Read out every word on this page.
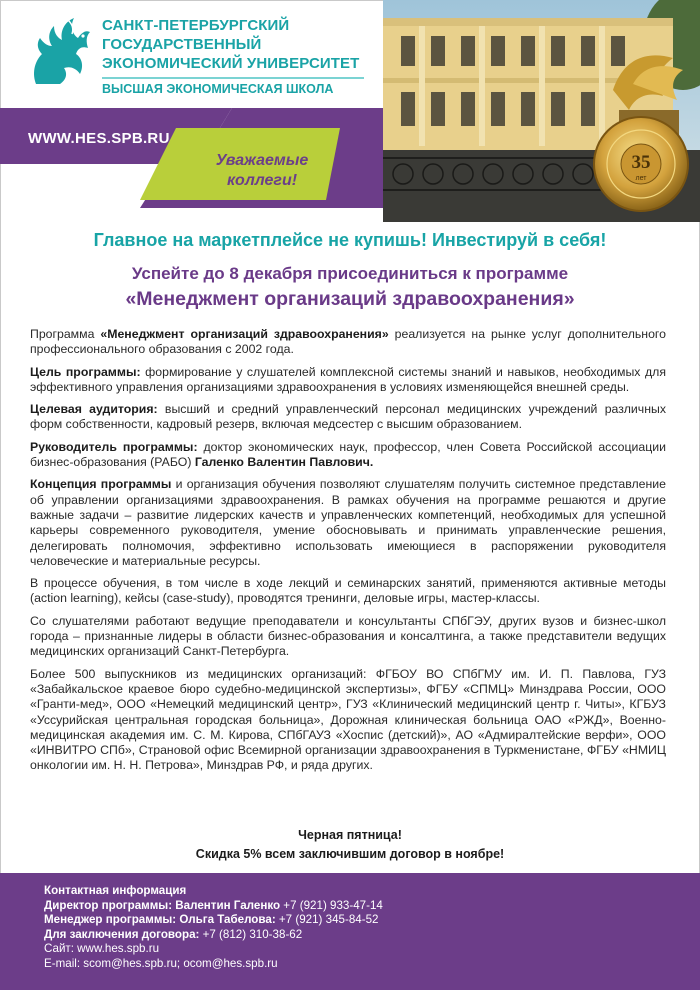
САНКТ-ПЕТЕРБУРГСКИЙ
ГОСУДАРСТВЕННЫЙ
ЭКОНОМИЧЕСКИЙ УНИВЕРСИТЕТ
ВЫСШАЯ ЭКОНОМИЧЕСКАЯ ШКОЛА
WWW.HES.SPB.RU
Уважаемые
коллеги!
35
лет
Главное на маркетплейсе не купишь! Инвестируй в себя!
Успейте до 8 декабря присоединиться к программе
«Менеджмент организаций здравоохранения»

Программа «Менеджмент организаций здравоохранения» реализуется на рынке услуг дополнительного профессионального образования с 2002 года.

Цель программы: формирование у слушателей комплексной системы знаний и навыков, необходимых для эффективного управления организациями здравоохранения в условиях изменяющейся внешней среды.

Целевая аудитория: высший и средний управленческий персонал медицинских учреждений различных форм собственности, кадровый резерв, включая медсестер с высшим образованием.

Руководитель программы: доктор экономических наук, профессор, член Совета Российской ассоциации бизнес-образования (РАБО) Галенко Валентин Павлович.

Концепция программы и организация обучения позволяют слушателям получить системное представление об управлении организациями здравоохранения. В рамках обучения на программе решаются и другие важные задачи – развитие лидерских качеств и управленческих компетенций, необходимых для успешной карьеры современного руководителя, умение обосновывать и принимать управленческие решения, делегировать полномочия, эффективно использовать имеющиеся в распоряжении руководителя человеческие и материальные ресурсы.

В процессе обучения, в том числе в ходе лекций и семинарских занятий, применяются активные методы (action learning), кейсы (case-study), проводятся тренинги, деловые игры, мастер-классы.

Со слушателями работают ведущие преподаватели и консультанты СПбГЭУ, других вузов и бизнес-школ города – признанные лидеры в области бизнес-образования и консалтинга, а также представители ведущих медицинских организаций Санкт-Петербурга.

Более 500 выпускников из медицинских организаций: ФГБОУ ВО СПбГМУ им. И. П. Павлова, ГУЗ «Забайкальское краевое бюро судебно-медицинской экспертизы», ФГБУ «СПМЦ» Минздрава России, ООО «Гранти-мед», ООО «Немецкий медицинский центр», ГУЗ «Клинический медицинский центр г. Читы», КГБУЗ «Уссурийская центральная городская больница», Дорожная клиническая больница ОАО «РЖД», Военно-медицинская академия им. С. М. Кирова, СПбГАУЗ «Хоспис (детский)», АО «Адмиралтейские верфи», ООО «ИНВИТРО СПб», Страновой офис Всемирной организации здравоохранения в Туркменистане, ФГБУ «НМИЦ онкологии им. Н. Н. Петрова», Минздрав РФ, и ряда других.

Черная пятница!
Скидка 5% всем заключившим договор в ноябре!
Контактная информация
Директор программы: Валентин Галенко +7 (921) 933-47-14
Менеджер программы: Ольга Табелова: +7 (921) 345-84-52
Для заключения договора: +7 (812) 310-38-62
Сайт: www.hes.spb.ru
E-mail: scom@hes.spb.ru; ocom@hes.spb.ru
